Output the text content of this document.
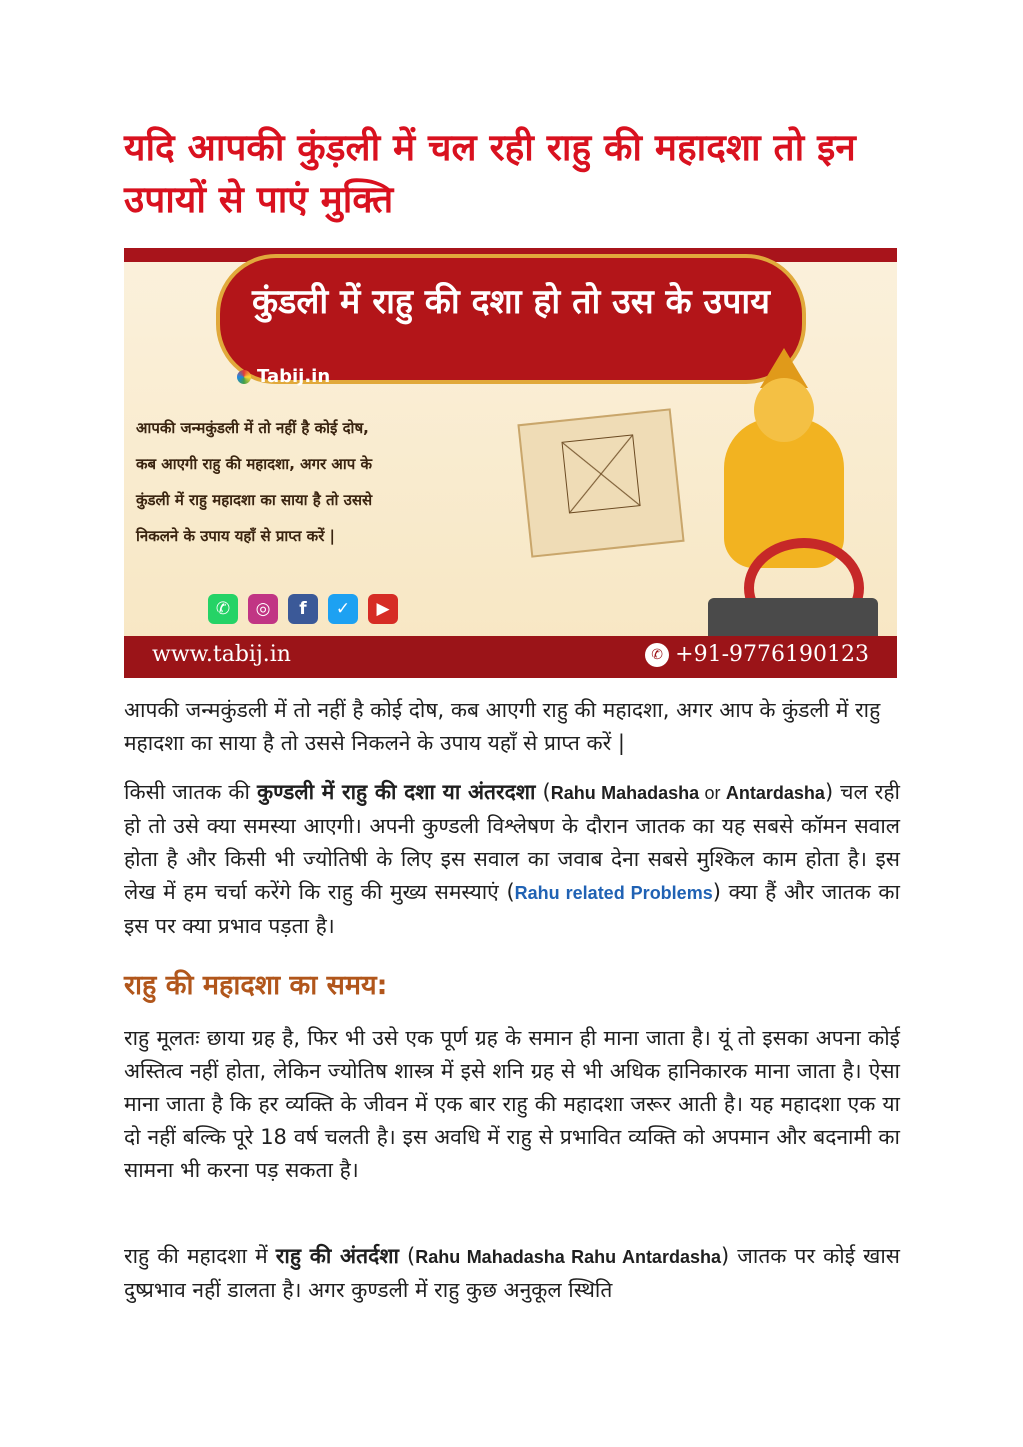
यदि आपकी कुंड़ली में चल रही राहु की महादशा तो इन उपायों से पाएं मुक्ति
कुंडली में राहु की दशा हो तो उस के उपाय
Tabij.in
आपकी जन्मकुंडली में तो नहीं है कोई दोष,
कब आएगी राहु की महादशा, अगर आप के
कुंडली में राहु महादशा का साया है तो उससे
निकलने के उपाय यहाँ से प्राप्त करें |
✆	◎	f	✓	▶
www.tabij.in	✆ +91-9776190123

आपकी जन्मकुंडली में तो नहीं है कोई दोष, कब आएगी राहु की महादशा, अगर आप के कुंडली में राहु महादशा का साया है तो उससे निकलने के उपाय यहाँ से प्राप्त करें |

किसी जातक की कुण्डली में राहु की दशा या अंतरदशा (Rahu Mahadasha or Antardasha) चल रही हो तो उसे क्या समस्या आएगी। अपनी कुण्डली विश्लेषण के दौरान जातक का यह सबसे कॉमन सवाल होता है और किसी भी ज्योतिषी के लिए इस सवाल का जवाब देना सबसे मुश्किल काम होता है। इस लेख में हम चर्चा करेंगे कि राहु की मुख्य समस्याएं (Rahu related Problems) क्या हैं और जातक का इस पर क्या प्रभाव पड़ता है।

राहु की महादशा का समय:

राहु मूलतः छाया ग्रह है, फिर भी उसे एक पूर्ण ग्रह के समान ही माना जाता है। यूं तो इसका अपना कोई अस्तित्व नहीं होता, लेकिन ज्योतिष शास्त्र में इसे शनि ग्रह से भी अधिक हानिकारक माना जाता है। ऐसा माना जाता है कि हर व्यक्ति के जीवन में एक बार राहु की महादशा जरूर आती है। यह महादशा एक या दो नहीं बल्कि पूरे 18 वर्ष चलती है। इस अवधि में राहु से प्रभावित व्यक्ति को अपमान और बदनामी का सामना भी करना पड़ सकता है।

राहु की महादशा में राहु की अंतर्दशा (Rahu Mahadasha Rahu Antardasha) जातक पर कोई खास दुष्प्रभाव नहीं डालता है। अगर कुण्डली में राहु कुछ अनुकूल स्थिति
